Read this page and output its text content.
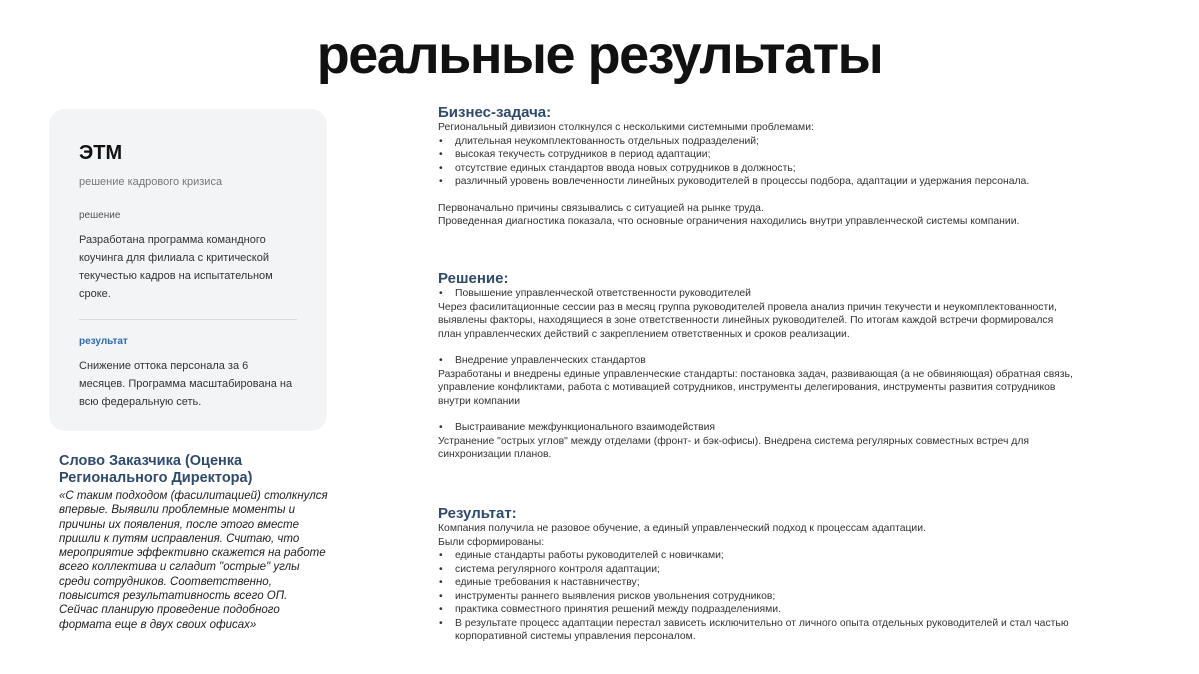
реальные результаты
ЭТМ
решение кадрового кризиса
решение
Разработана программа командного коучинга для филиала с критической текучестью кадров на испытательном сроке.
результат
Снижение оттока персонала за 6 месяцев. Программа масштабирована на всю федеральную сеть.
Слово Заказчика (Оценка Регионального Директора)
«С таким подходом (фасилитацией) столкнулся впервые. Выявили проблемные моменты и причины их появления, после этого вместе пришли к путям исправления. Считаю, что мероприятие эффективно скажется на работе всего коллектива и сгладит "острые" углы среди сотрудников. Соответственно, повысится результативность всего ОП. Сейчас планирую проведение подобного формата еще в двух своих офисах»
Бизнес-задача:
Региональный дивизион столкнулся с несколькими системными проблемами:
• длительная неукомплектованность отдельных подразделений;
• высокая текучесть сотрудников в период адаптации;
• отсутствие единых стандартов ввода новых сотрудников в должность;
• различный уровень вовлеченности линейных руководителей в процессы подбора, адаптации и удержания персонала.
Первоначально причины связывались с ситуацией на рынке труда.
Проведенная диагностика показала, что основные ограничения находились внутри управленческой системы компании.
Решение:
• Повышение управленческой ответственности руководителей
Через фасилитационные сессии раз в месяц группа руководителей провела анализ причин текучести и неукомплектованности, выявлены факторы, находящиеся в зоне ответственности линейных руководителей. По итогам каждой встречи формировался план управленческих действий с закреплением ответственных и сроков реализации.
• Внедрение управленческих стандартов
Разработаны и внедрены единые управленческие стандарты: постановка задач, развивающая (а не обвиняющая) обратная связь, управление конфликтами, работа с мотивацией сотрудников, инструменты делегирования, инструменты развития сотрудников внутри компании
• Выстраивание межфункционального взаимодействия
Устранение "острых углов" между отделами (фронт- и бэк-офисы). Внедрена система регулярных совместных встреч для синхронизации планов.
Результат:
Компания получила не разовое обучение, а единый управленческий подход к процессам адаптации.
Были сформированы:
• единые стандарты работы руководителей с новичками;
• система регулярного контроля адаптации;
• единые требования к наставничеству;
• инструменты раннего выявления рисков увольнения сотрудников;
• практика совместного принятия решений между подразделениями.
• В результате процесс адаптации перестал зависеть исключительно от личного опыта отдельных руководителей и стал частью корпоративной системы управления персоналом.
